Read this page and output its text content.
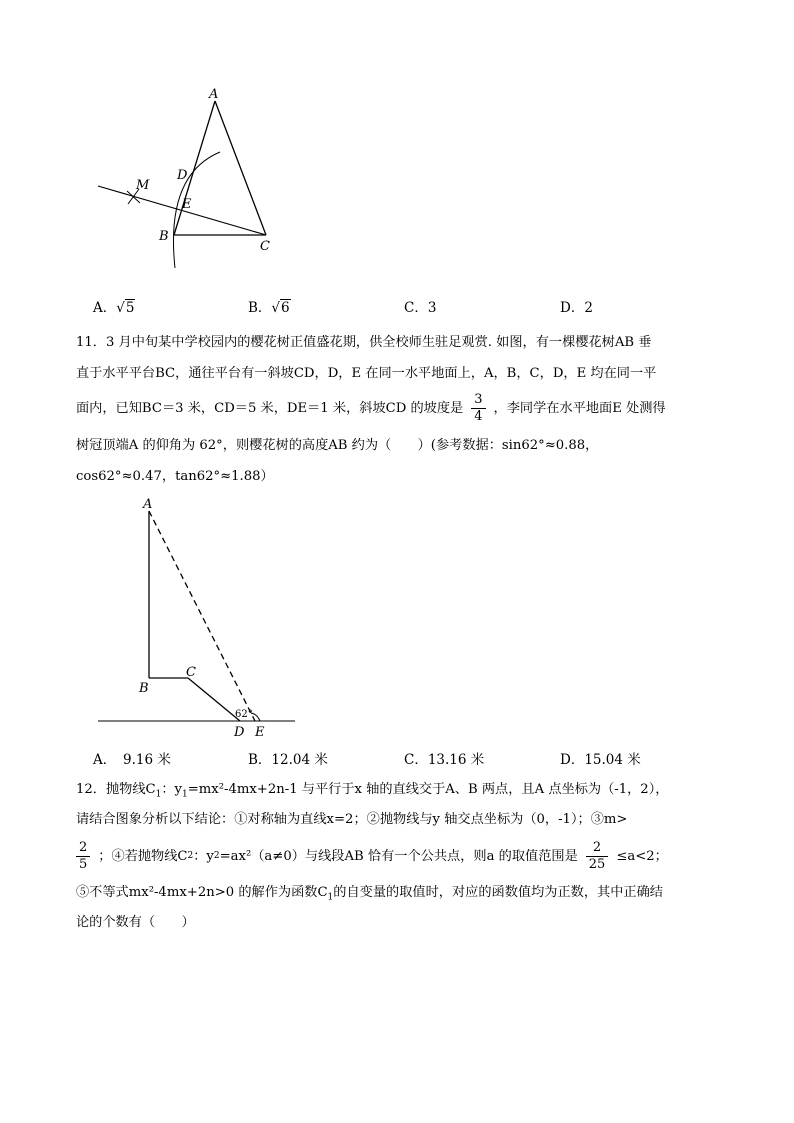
A
M
D
E
B
C
A．√5	B．√6	C．3	D．2
11．3 月中旬某中学校园内的樱花树正值盛花期，供全校师生驻足观赏. 如图，有一棵樱花树AB 垂
直于水平平台BC，通往平台有一斜坡CD，D，E 在同一水平地面上，A，B，C，D，E 均在同一平
面内，已知BC＝3 米，CD＝5 米，DE＝1 米，斜坡CD 的坡度是 $\frac{3}{4}$ ，李同学在水平地面E 处测得
树冠顶端A 的仰角为 62°，则樱花树的高度AB 约为（　　）(参考数据：sin62°≈0.88，
cos62°≈0.47，tan62°≈1.88）
A
B
C
62°
D E
A．　9.16 米	B．12.04 米	C．13.16 米	D．15.04 米
12．抛物线$C_1$：$y_1=mx^2-4mx+2n-1$ 与平行于x 轴的直线交于A、B 两点，且A 点坐标为（-1，2），
请结合图象分析以下结论：①对称轴为直线x=2；②抛物线与y 轴交点坐标为（0，-1）；③m>
$\frac{2}{5}$ ；④若抛物线C 2 ：y 2 =ax²（a≠0）与线段AB 恰有一个公共点，则a 的取值范围是 $\frac{2}{25} \le a<2$；
⑤不等式mx²-4mx+2n>0 的解作为函数$C_1$的自变量的取值时，对应的函数值均为正数，其中正确结
论的个数有（　　）
